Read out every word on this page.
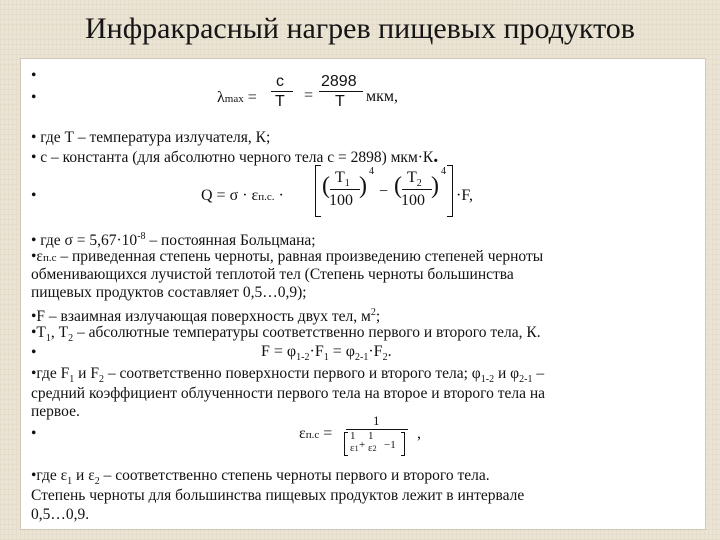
Инфракрасный нагрев пищевых продуктов
•
•	λmax =
c
T =
2898
T мкм,
• где Т – температура излучателя, К;
• с – константа (для абсолютно черного тела с = 2898) мкм·К.
•	Q = σ · εп.с. · ( $T_1$
100
)
4
− ( $T_2$
100
)
4
·F,
• где $\sigma = 5,67\cdot 10^{-8}$ – постоянная Больцмана;
•εп.с – приведенная степень черноты, равная произведению степеней черноты
обменивающихся лучистой теплотой тел (Степень черноты большинства
пищевых продуктов составляет 0,5…0,9);
•F – взаимная излучающая поверхность двух тел, $м^2$;
$•Т_1$, $Т_2$ – абсолютные температуры соответственно первого и второго тела, К.
•	$F = \varphi_{1-2}\cdot F_1 = \varphi_{2-1}\cdot F_2$.
•где $F_1$ и $F_2$ – соответственно поверхности первого и второго тела; $\varphi_{1-2}$ и $\varphi_{2-1}$ –
средний коэффициент облученности первого тела на второе и второго тела на
первое.
•	εп.с =
1
1
ε1 +
1
ε2 −1
,
•где $\varepsilon_1$ и $\varepsilon_2$ – соответственно степень черноты первого и второго тела.
Степень черноты для большинства пищевых продуктов лежит в интервале
0,5…0,9.
